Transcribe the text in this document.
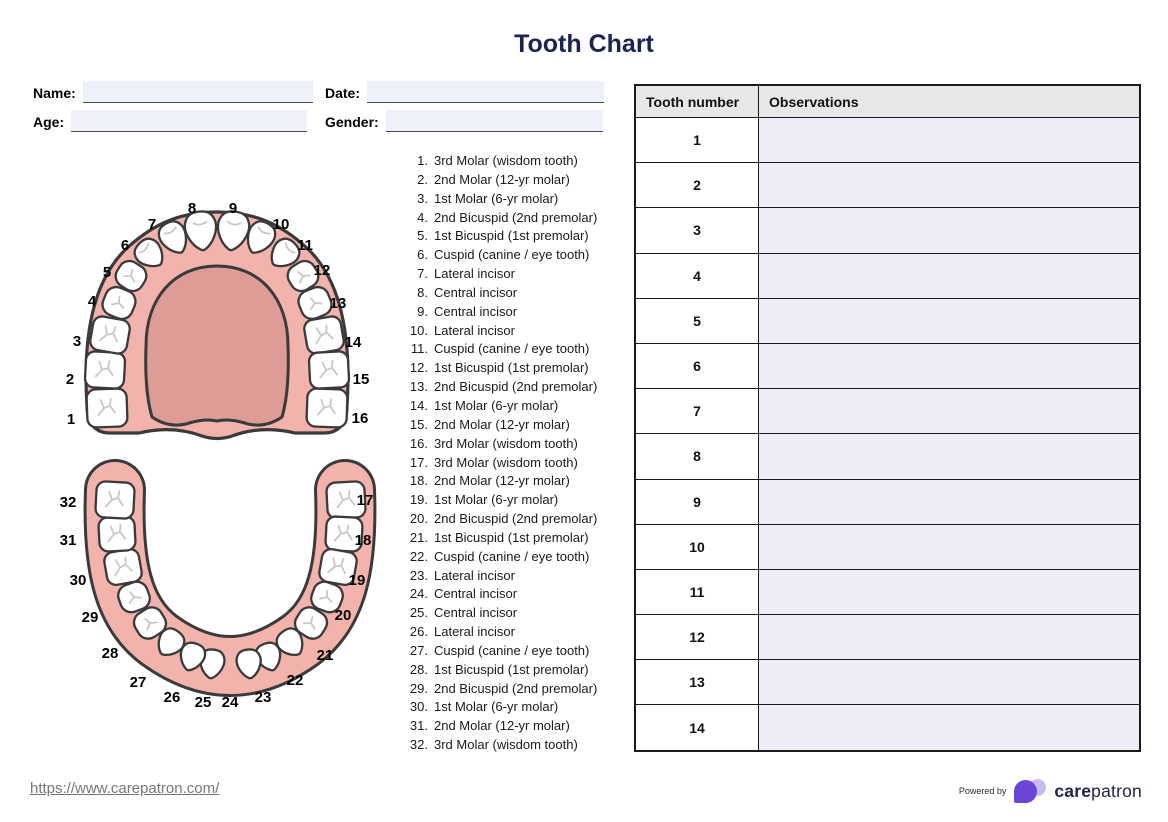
Tooth Chart
Name:	Date:
Age:	Gender:
1
2
3
4
5
6
7
8 9
10
11
12
13
14
15
16
17
18
19
20
21
22
23
24
25
26
27
28
29
30
31
32
1. 3rd Molar (wisdom tooth)
2. 2nd Molar (12-yr molar)
3. 1st Molar (6-yr molar)
4. 2nd Bicuspid (2nd premolar)
5. 1st Bicuspid (1st premolar)
6. Cuspid (canine / eye tooth)
7. Lateral incisor
8. Central incisor
9. Central incisor
10. Lateral incisor
11. Cuspid (canine / eye tooth)
12. 1st Bicuspid (1st premolar)
13. 2nd Bicuspid (2nd premolar)
14. 1st Molar (6-yr molar)
15. 2nd Molar (12-yr molar)
16. 3rd Molar (wisdom tooth)
17. 3rd Molar (wisdom tooth)
18. 2nd Molar (12-yr molar)
19. 1st Molar (6-yr molar)
20. 2nd Bicuspid (2nd premolar)
21. 1st Bicuspid (1st premolar)
22. Cuspid (canine / eye tooth)
23. Lateral incisor
24. Central incisor
25. Central incisor
26. Lateral incisor
27. Cuspid (canine / eye tooth)
28. 1st Bicuspid (1st premolar)
29. 2nd Bicuspid (2nd premolar)
30. 1st Molar (6-yr molar)
31. 2nd Molar (12-yr molar)
32. 3rd Molar (wisdom tooth)
Tooth number	Observations
1	
2	
3	
4	
5	
6	
7	
8	
9	
10	
11	
12	
13	
14	
https://www.carepatron.com/	Powered by	carepatron
